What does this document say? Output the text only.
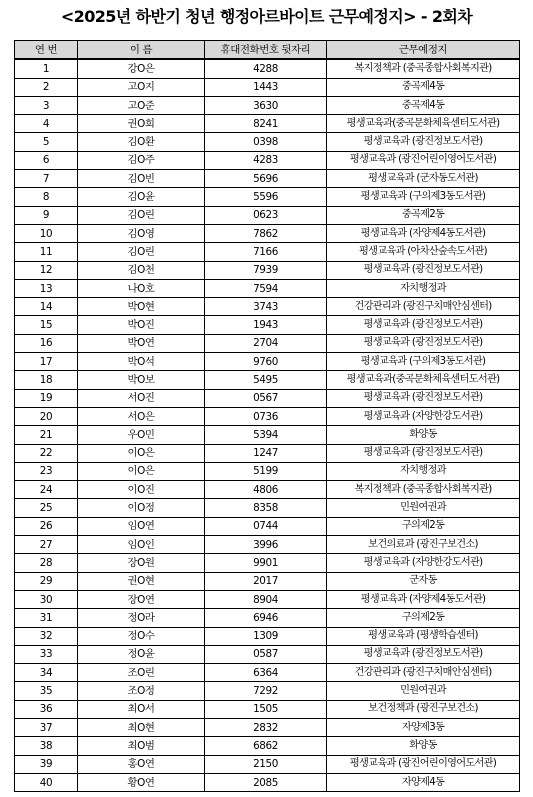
<2025년 하반기 청년 행정아르바이트 근무예정지> - 2회차
연 번	이 름	휴대전화번호 뒷자리	근무예정지
1	강O은	4288	복지정책과 (중곡종합사회복지관)
2	고O지	1443	중곡제4동
3	고O준	3630	중곡제4동
4	권O희	8241	평생교육과(중곡문화체육센터도서관)
5	김O환	0398	평생교육과 (광진정보도서관)
6	김O주	4283	평생교육과 (광진어린이영어도서관)
7	김O빈	5696	평생교육과 (군자동도서관)
8	김O윤	5596	평생교육과 (구의제3동도서관)
9	김O린	0623	중곡제2동
10	김O영	7862	평생교육과 (자양제4동도서관)
11	김O린	7166	평생교육과 (아차산숲속도서관)
12	김O천	7939	평생교육과 (광진정보도서관)
13	나O호	7594	자치행정과
14	박O현	3743	건강관리과 (광진구치매안심센터)
15	박O진	1943	평생교육과 (광진정보도서관)
16	박O연	2704	평생교육과 (광진정보도서관)
17	박O석	9760	평생교육과 (구의제3동도서관)
18	박O보	5495	평생교육과(중곡문화체육센터도서관)
19	서O진	0567	평생교육과 (광진정보도서관)
20	서O은	0736	평생교육과 (자양한강도서관)
21	우O민	5394	화양동
22	이O은	1247	평생교육과 (광진정보도서관)
23	이O은	5199	자치행정과
24	이O진	4806	복지정책과 (중곡종합사회복지관)
25	이O정	8358	민원여권과
26	임O연	0744	구의제2동
27	임O인	3996	보건의료과 (광진구보건소)
28	장O원	9901	평생교육과 (자양한강도서관)
29	권O현	2017	군자동
30	장O연	8904	평생교육과 (자양제4동도서관)
31	정O라	6946	구의제2동
32	정O수	1309	평생교육과 (평생학습센터)
33	정O윤	0587	평생교육과 (광진정보도서관)
34	조O린	6364	건강관리과 (광진구치매안심센터)
35	조O정	7292	민원여권과
36	최O서	1505	보건정책과 (광진구보건소)
37	최O현	2832	자양제3동
38	최O범	6862	화양동
39	홍O연	2150	평생교육과 (광진어린이영어도서관)
40	황O연	2085	자양제4동
